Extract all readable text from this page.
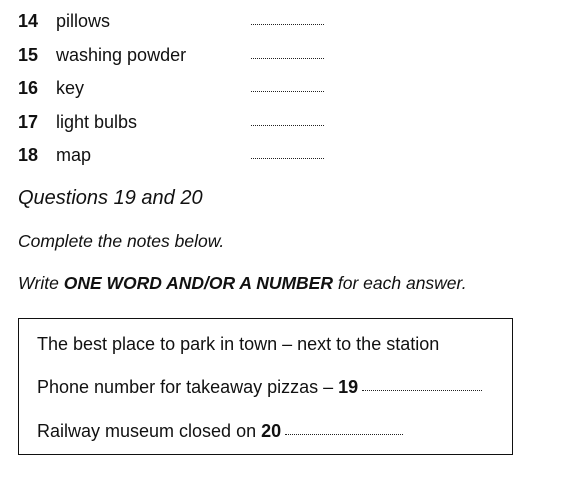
14 pillows
15 washing powder
16 key
17 light bulbs
18 map
Questions 19 and 20
Complete the notes below.
Write ONE WORD AND/OR A NUMBER for each answer.
The best place to park in town – next to the station
Phone number for takeaway pizzas – 19
Railway museum closed on 20
